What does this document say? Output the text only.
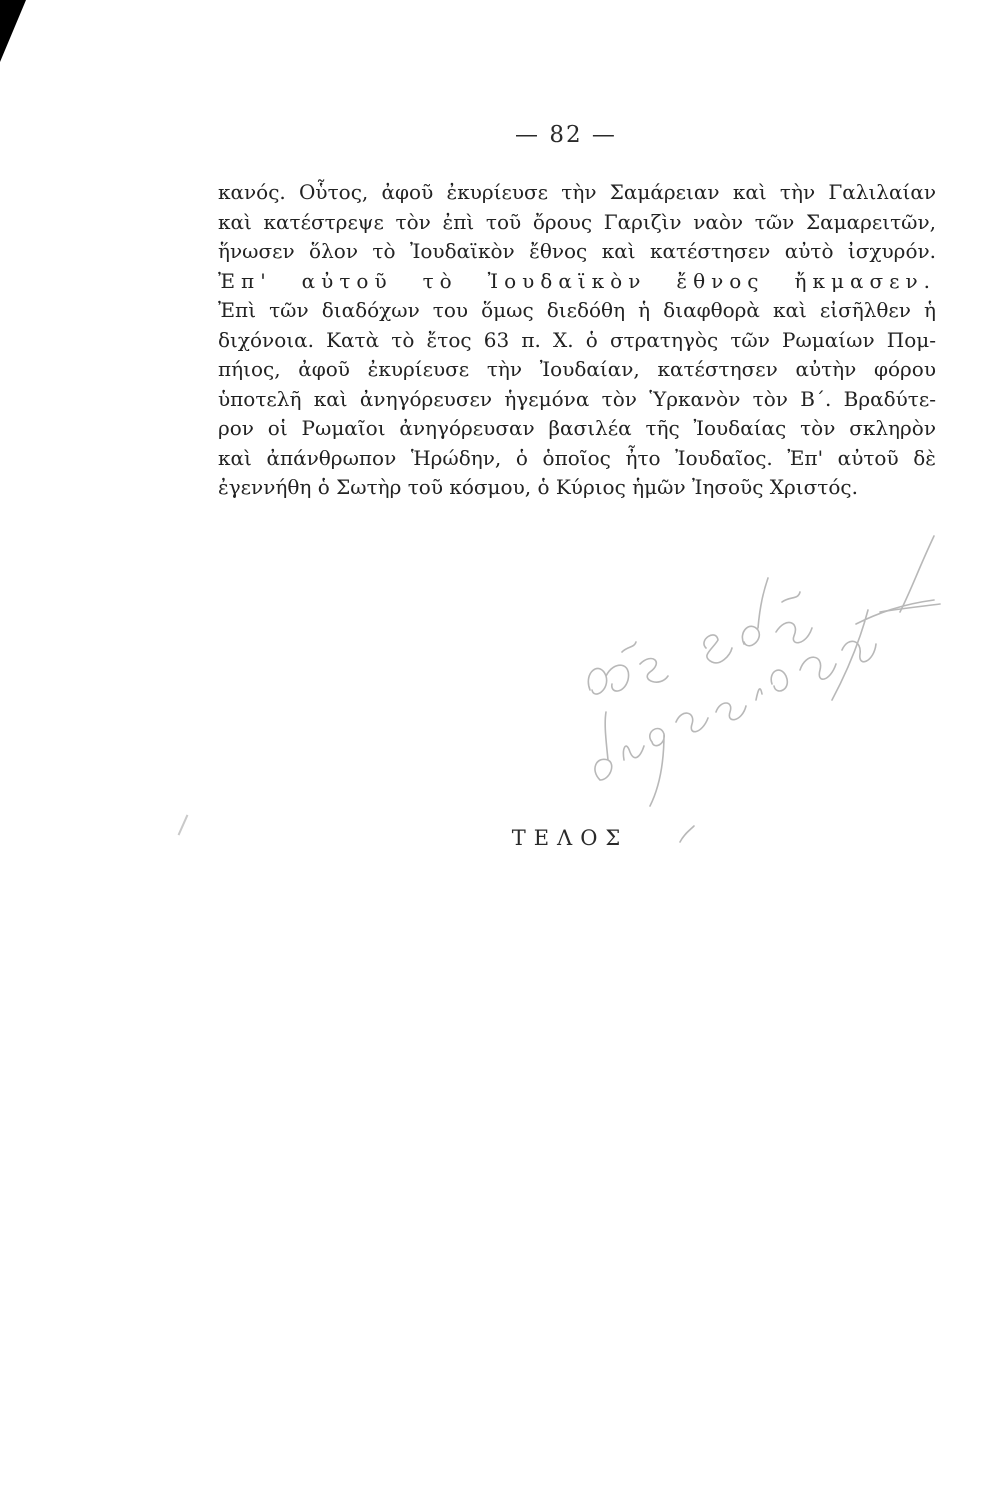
— 82 —
κανός. Οὗτος, ἀφοῦ ἐκυρίευσε τὴν Σαμάρειαν καὶ τὴν Γαλιλαίαν
καὶ κατέστρεψε τὸν ἐπὶ τοῦ ὄρους Γαριζὶν ναὸν τῶν Σαμαρειτῶν,
ἥνωσεν ὅλον τὸ Ἰουδαϊκὸν ἔθνος καὶ κατέστησεν αὐτὸ ἰσχυρόν.
Ἐπ' αὐτοῦ τὸ Ἰουδαϊκὸν ἔθνος ἤκμασεν.
Ἐπὶ τῶν διαδόχων του ὅμως διεδόθη ἡ διαφθορὰ καὶ εἰσῆλθεν ἡ
διχόνοια. Κατὰ τὸ ἔτος 63 π. Χ. ὁ στρατηγὸς τῶν Ρωμαίων Πομ-
πήιος, ἀφοῦ ἐκυρίευσε τὴν Ἰουδαίαν, κατέστησεν αὐτὴν φόρου
ὑποτελῆ καὶ ἀνηγόρευσεν ἡγεμόνα τὸν Ὑρκανὸν τὸν Β΄. Βραδύτε-
ρον οἱ Ρωμαῖοι ἀνηγόρευσαν βασιλέα τῆς Ἰουδαίας τὸν σκληρὸν
καὶ ἀπάνθρωπον Ἡρώδην, ὁ ὁποῖος ἦτο Ἰουδαῖος. Ἐπ' αὐτοῦ δὲ
ἐγεννήθη ὁ Σωτὴρ τοῦ κόσμου, ὁ Κύριος ἡμῶν Ἰησοῦς Χριστός.
ΤΕΛΟΣ
